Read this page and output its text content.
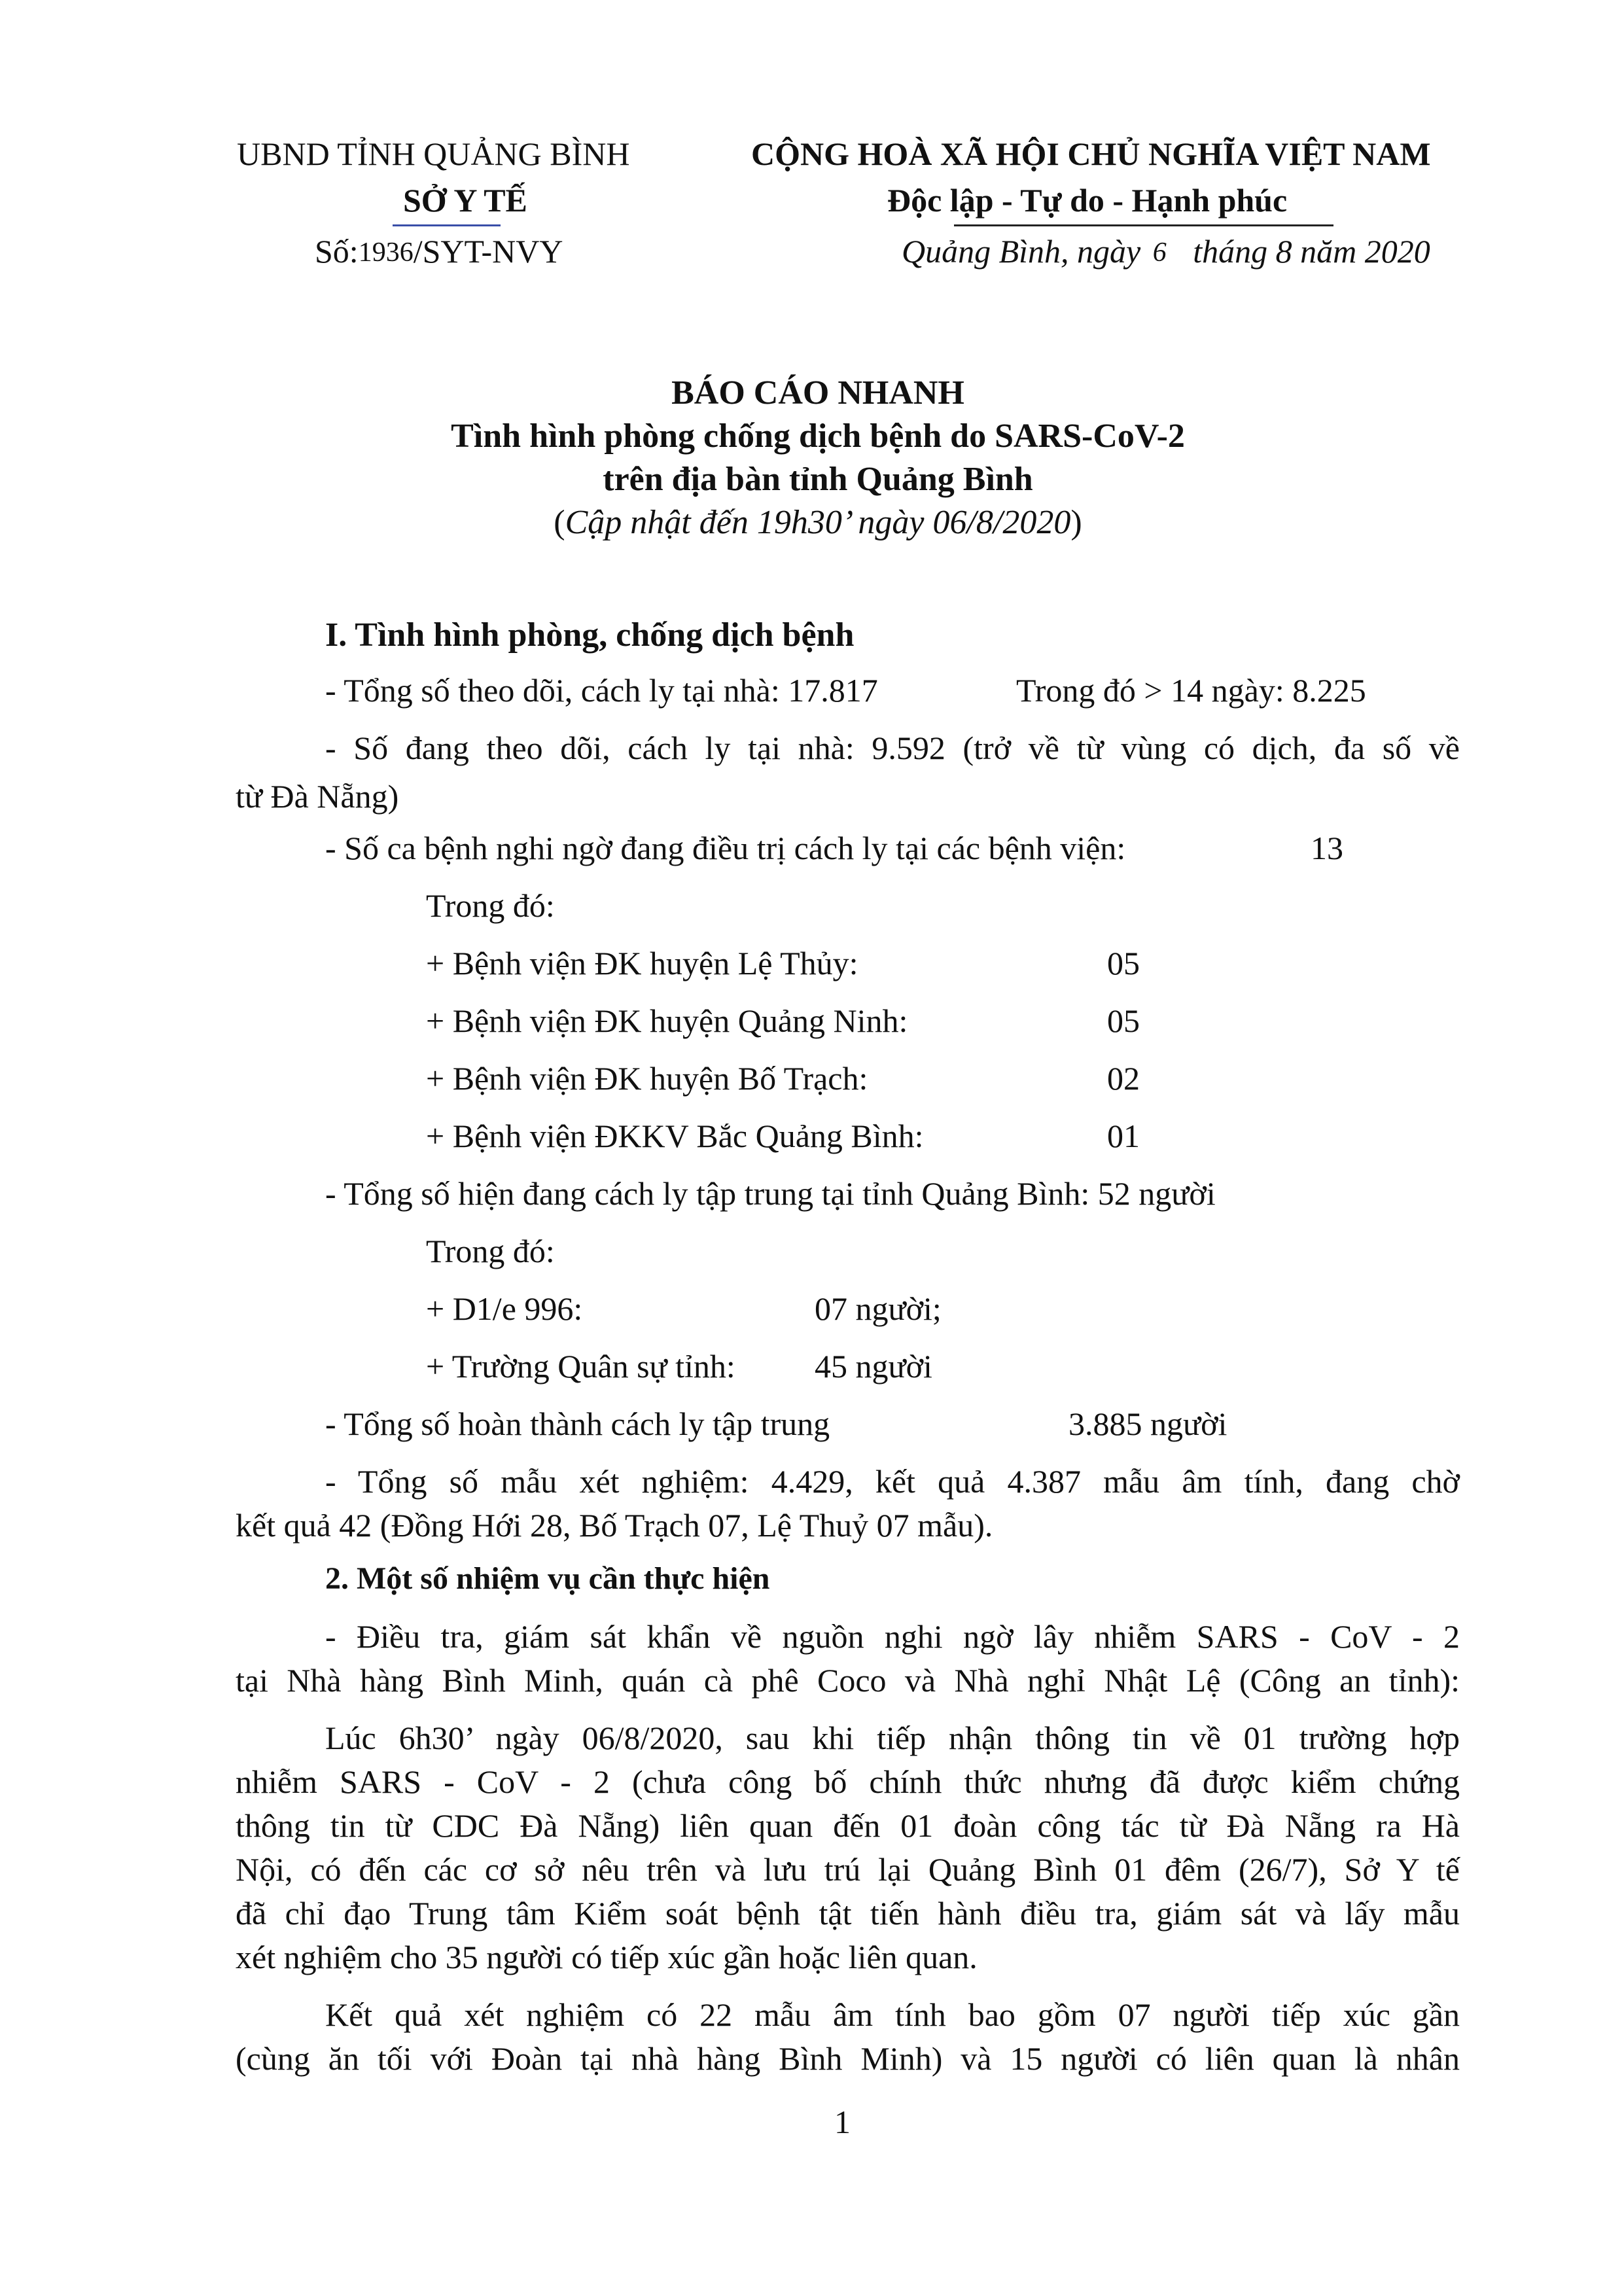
UBND TỈNH QUẢNG BÌNH
SỞ Y TẾ
Số:1936/SYT-NVY
CỘNG HOÀ XÃ HỘI CHỦ NGHĨA VIỆT NAM
Độc lập - Tự do - Hạnh phúc
Quảng Bình, ngày 6 tháng 8 năm 2020
BÁO CÁO NHANH
Tình hình phòng chống dịch bệnh do SARS-CoV-2
trên địa bàn tỉnh Quảng Bình
(Cập nhật đến 19h30’ ngày 06/8/2020)
I. Tình hình phòng, chống dịch bệnh
- Tổng số theo dõi, cách ly tại nhà: 17.817	Trong đó > 14 ngày: 8.225
- Số đang theo dõi, cách ly tại nhà: 9.592 (trở về từ vùng có dịch, đa số về
từ Đà Nẵng)
- Số ca bệnh nghi ngờ đang điều trị cách ly tại các bệnh viện:	13
Trong đó:
+ Bệnh viện ĐK huyện Lệ Thủy:	05
+ Bệnh viện ĐK huyện Quảng Ninh:	05
+ Bệnh viện ĐK huyện Bố Trạch:	02
+ Bệnh viện ĐKKV Bắc Quảng Bình:	01
- Tổng số hiện đang cách ly tập trung tại tỉnh Quảng Bình: 52 người
Trong đó:
+ D1/e 996:	07 người;
+ Trường Quân sự tỉnh: 45 người
- Tổng số hoàn thành cách ly tập trung	3.885 người
- Tổng số mẫu xét nghiệm: 4.429, kết quả 4.387 mẫu âm tính, đang chờ
kết quả 42 (Đồng Hới 28, Bố Trạch 07, Lệ Thuỷ 07 mẫu).
2. Một số nhiệm vụ cần thực hiện
- Điều tra, giám sát khẩn về nguồn nghi ngờ lây nhiễm SARS - CoV - 2
tại Nhà hàng Bình Minh, quán cà phê Coco và Nhà nghỉ Nhật Lệ (Công an tỉnh):
Lúc 6h30’ ngày 06/8/2020, sau khi tiếp nhận thông tin về 01 trường hợp
nhiễm SARS - CoV - 2 (chưa công bố chính thức nhưng đã được kiểm chứng
thông tin từ CDC Đà Nẵng) liên quan đến 01 đoàn công tác từ Đà Nẵng ra Hà
Nội, có đến các cơ sở nêu trên và lưu trú lại Quảng Bình 01 đêm (26/7), Sở Y tế
đã chỉ đạo Trung tâm Kiểm soát bệnh tật tiến hành điều tra, giám sát và lấy mẫu
xét nghiệm cho 35 người có tiếp xúc gần hoặc liên quan.
Kết quả xét nghiệm có 22 mẫu âm tính bao gồm 07 người tiếp xúc gần
(cùng ăn tối với Đoàn tại nhà hàng Bình Minh) và 15 người có liên quan là nhân
1
